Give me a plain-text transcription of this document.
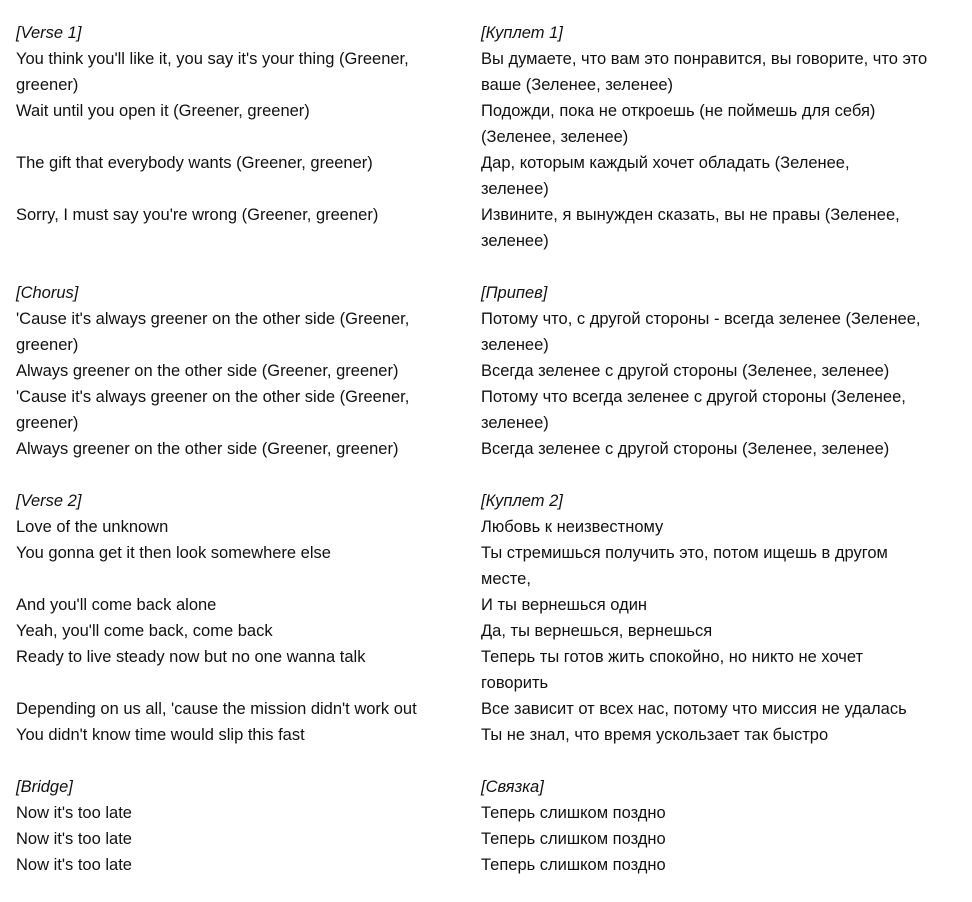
[Verse 1]
You think you'll like it, you say it's your thing (Greener,
greener)
Wait until you open it (Greener, greener)
The gift that everybody wants (Greener, greener)
Sorry, I must say you're wrong (Greener, greener)
[Chorus]
'Cause it's always greener on the other side (Greener,
greener)
Always greener on the other side (Greener, greener)
'Cause it's always greener on the other side (Greener,
greener)
Always greener on the other side (Greener, greener)
[Verse 2]
Love of the unknown
You gonna get it then look somewhere else
And you'll come back alone
Yeah, you'll come back, come back
Ready to live steady now but no one wanna talk
Depending on us all, 'cause the mission didn't work out
You didn't know time would slip this fast
[Bridge]
Now it's too late
Now it's too late
Now it's too late
[Куплет 1]
Вы думаете, что вам это понравится, вы говорите, что это
ваше (Зеленее, зеленее)
Подожди, пока не откроешь (не поймешь для себя)
(Зеленее, зеленее)
Дар, которым каждый хочет обладать (Зеленее,
зеленее)
Извините, я вынужден сказать, вы не правы (Зеленее,
зеленее)
[Припев]
Потому что, с другой стороны - всегда зеленее (Зеленее,
зеленее)
Всегда зеленее с другой стороны (Зеленее, зеленее)
Потому что всегда зеленее с другой стороны (Зеленее,
зеленее)
Всегда зеленее с другой стороны (Зеленее, зеленее)
[Куплет 2]
Любовь к неизвестному
Ты стремишься получить это, потом ищешь в другом
месте,
И ты вернешься один
Да, ты вернешься, вернешься
Теперь ты готов жить спокойно, но никто не хочет
говорить
Все зависит от всех нас, потому что миссия не удалась
Ты не знал, что время ускользает так быстро
[Связка]
Теперь слишком поздно
Теперь слишком поздно
Теперь слишком поздно
